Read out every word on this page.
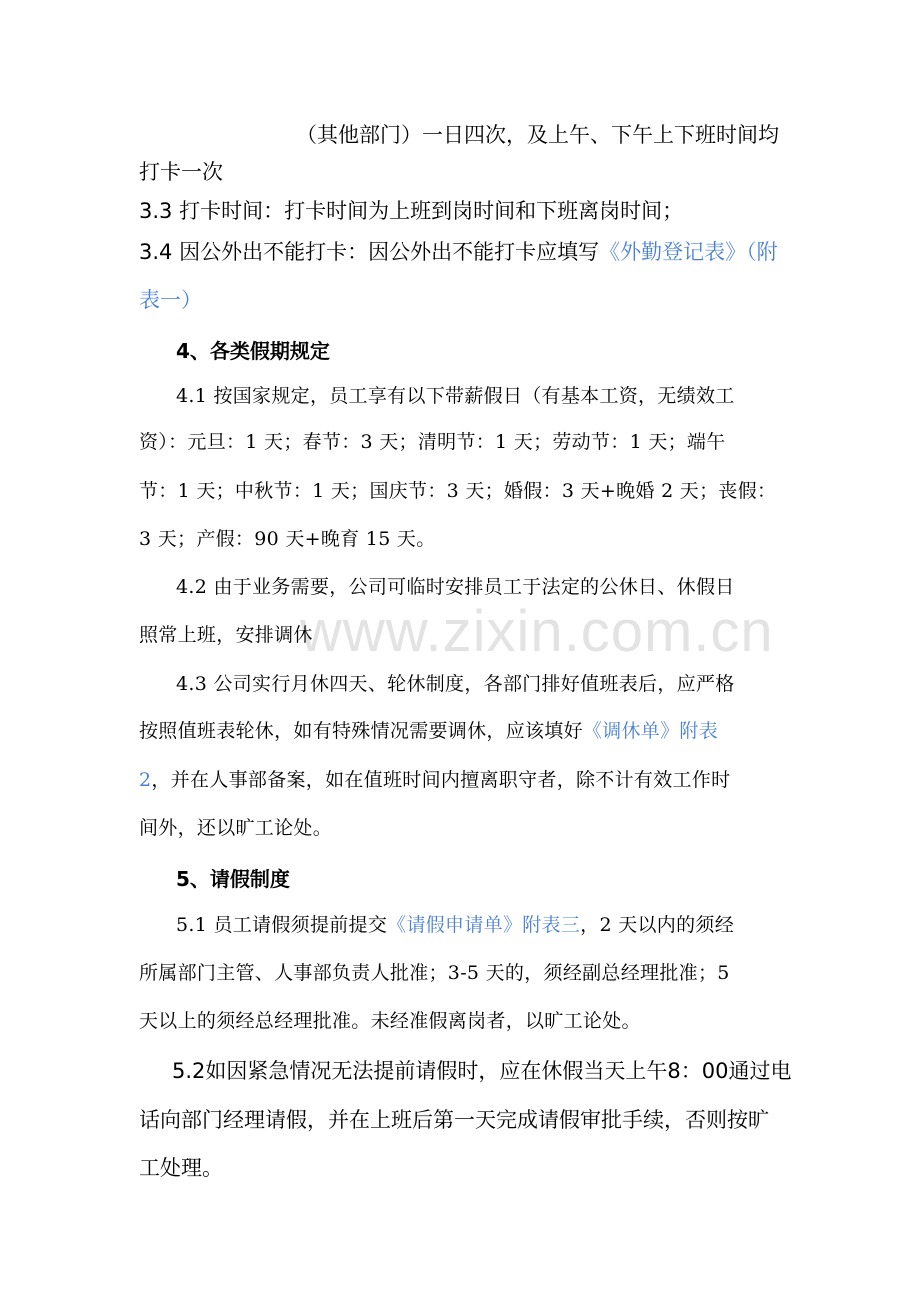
www.zixin.com.cn

（其他部门）一日四次，及上午、下午上下班时间均

打卡一次

3.3 打卡时间：打卡时间为上班到岗时间和下班离岗时间；

3.4 因公外出不能打卡：因公外出不能打卡应填写《外勤登记表》（附

表一）

4、各类假期规定

4.1 按国家规定，员工享有以下带薪假日（有基本工资，无绩效工

资）：元旦：1 天；春节：3 天；清明节：1 天；劳动节：1 天；端午

节：1 天；中秋节：1 天；国庆节：3 天；婚假：3 天+晚婚 2 天；丧假：

3 天；产假：90 天+晚育 15 天。

4.2 由于业务需要，公司可临时安排员工于法定的公休日、休假日

照常上班，安排调休

4.3 公司实行月休四天、轮休制度，各部门排好值班表后，应严格

按照值班表轮休，如有特殊情况需要调休，应该填好《调休单》附表

2，并在人事部备案，如在值班时间内擅离职守者，除不计有效工作时

间外，还以旷工论处。

5、请假制度

5.1 员工请假须提前提交《请假申请单》附表三，2 天以内的须经

所属部门主管、人事部负责人批准；3-5 天的，须经副总经理批准；5

天以上的须经总经理批准。未经准假离岗者，以旷工论处。

5.2如因紧急情况无法提前请假时，应在休假当天上午8：00通过电

话向部门经理请假，并在上班后第一天完成请假审批手续，否则按旷

工处理。
